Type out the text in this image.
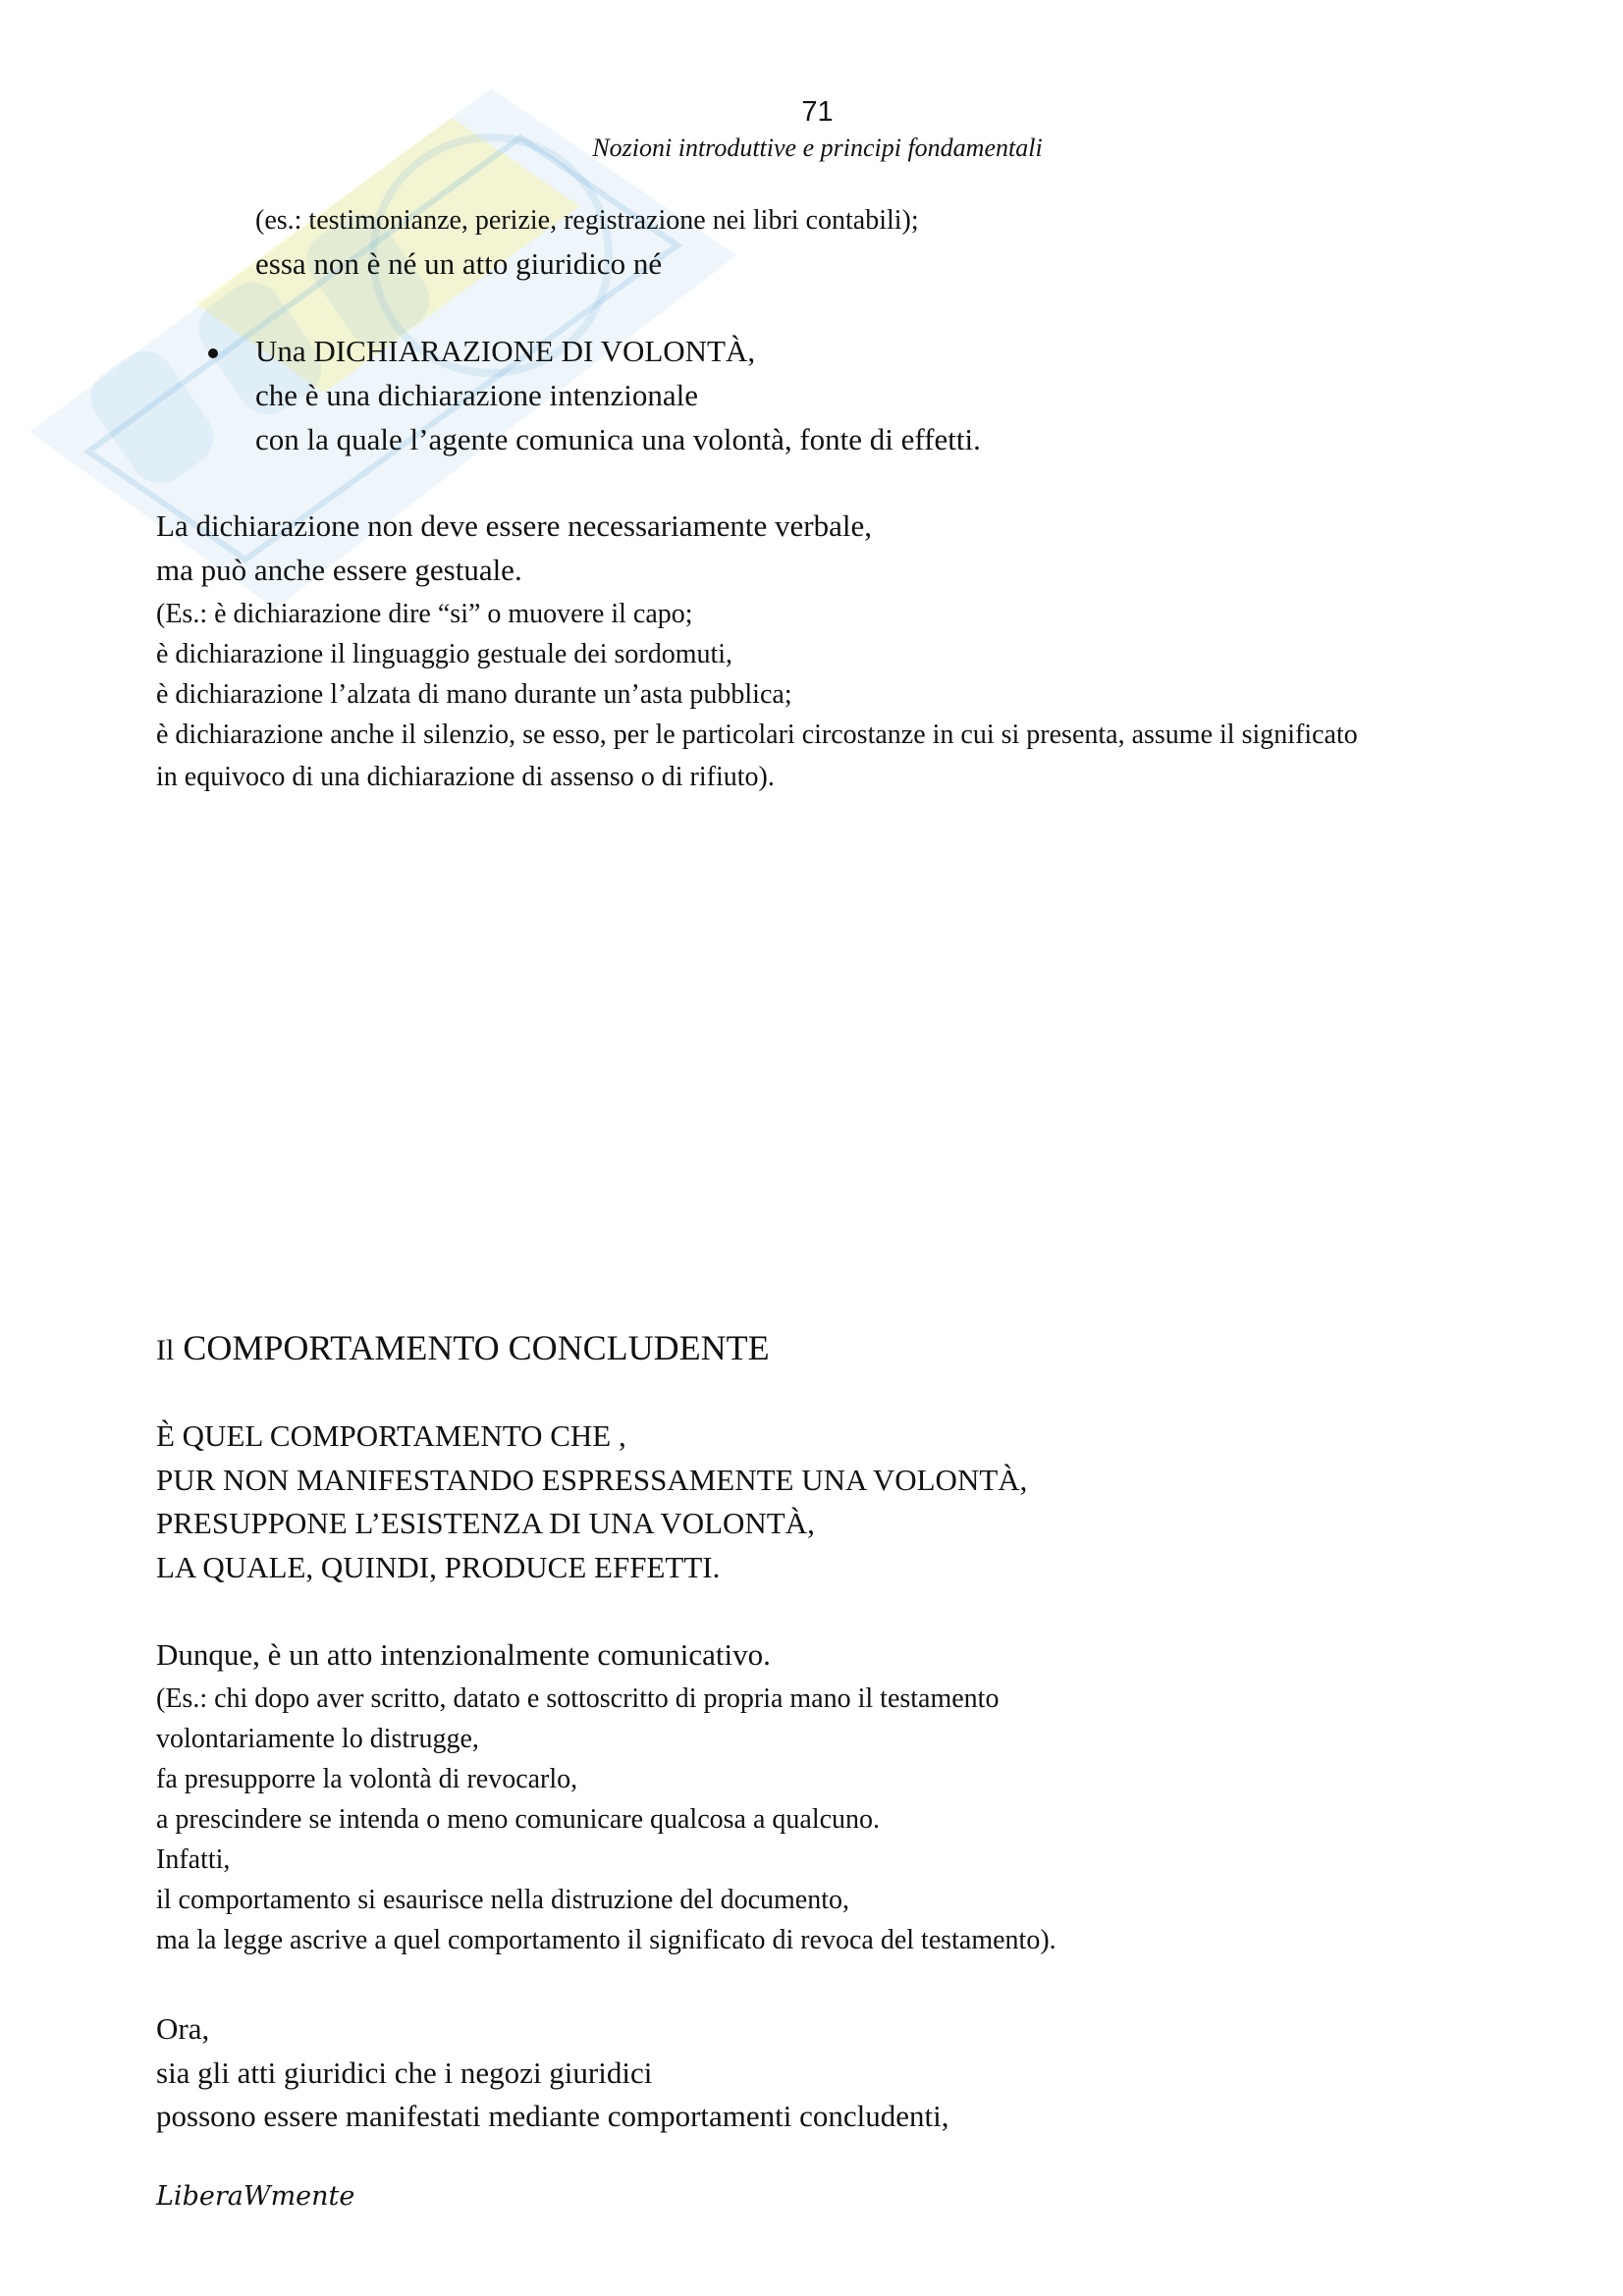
71
Nozioni introduttive e principi fondamentali
(es.: testimonianze, perizie, registrazione nei libri contabili);
essa non è né un atto giuridico né
Una DICHIARAZIONE DI VOLONTÀ,
che è una dichiarazione intenzionale
con la quale l’agente comunica una volontà, fonte di effetti.
La dichiarazione non deve essere necessariamente verbale,
ma può anche essere gestuale.
(Es.: è dichiarazione dire “si” o muovere il capo;
è dichiarazione il linguaggio gestuale dei sordomuti,
è dichiarazione l’alzata di mano durante un’asta pubblica;
è dichiarazione anche il silenzio, se esso, per le particolari circostanze in cui si presenta, assume il significato
in equivoco di una dichiarazione di assenso o di rifiuto).
Il COMPORTAMENTO CONCLUDENTE
È QUEL COMPORTAMENTO CHE ,
PUR NON MANIFESTANDO ESPRESSAMENTE UNA VOLONTÀ,
PRESUPPONE L’ESISTENZA DI UNA VOLONTÀ,
LA QUALE, QUINDI, PRODUCE EFFETTI.
Dunque, è un atto intenzionalmente comunicativo.
(Es.: chi dopo aver scritto, datato e sottoscritto di propria mano il testamento
volontariamente lo distrugge,
fa presupporre la volontà di revocarlo,
a prescindere se intenda o meno comunicare qualcosa a qualcuno.
Infatti,
il comportamento si esaurisce nella distruzione del documento,
ma la legge ascrive a quel comportamento il significato di revoca del testamento).
Ora,
sia gli atti giuridici che i negozi giuridici
possono essere manifestati mediante comportamenti concludenti,
LiberaWmente
